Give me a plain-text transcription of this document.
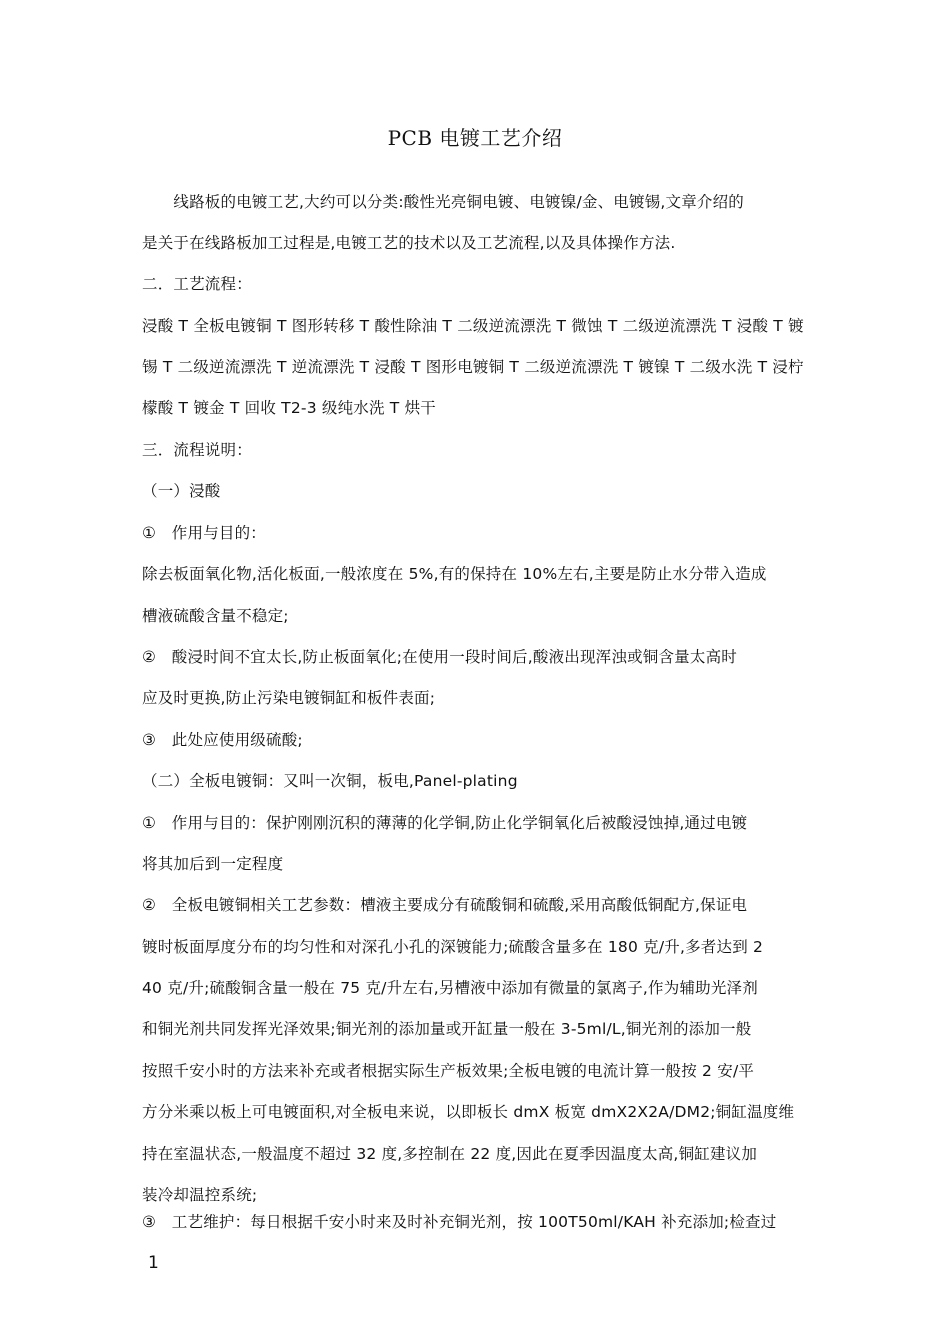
PCB 电镀工艺介绍
　　线路板的电镀工艺,大约可以分类:酸性光亮铜电镀、电镀镍/金、电镀锡,文章介绍的
是关于在线路板加工过程是,电镀工艺的技术以及工艺流程,以及具体操作方法.
二．工艺流程：
浸酸 T 全板电镀铜 T 图形转移 T 酸性除油 T 二级逆流漂洗 T 微蚀 T 二级逆流漂洗 T 浸酸 T 镀
锡 T 二级逆流漂洗 T 逆流漂洗 T 浸酸 T 图形电镀铜 T 二级逆流漂洗 T 镀镍 T 二级水洗 T 浸柠
檬酸 T 镀金 T 回收 T2-3 级纯水洗 T 烘干
三．流程说明：
（一）浸酸
①　作用与目的：
除去板面氧化物,活化板面,一般浓度在 5%,有的保持在 10%左右,主要是防止水分带入造成
槽液硫酸含量不稳定;
②　酸浸时间不宜太长,防止板面氧化;在使用一段时间后,酸液出现浑浊或铜含量太高时
应及时更换,防止污染电镀铜缸和板件表面;
③　此处应使用级硫酸;
（二）全板电镀铜：又叫一次铜，板电,Panel-plating
①　作用与目的：保护刚刚沉积的薄薄的化学铜,防止化学铜氧化后被酸浸蚀掉,通过电镀
将其加后到一定程度
②　全板电镀铜相关工艺参数：槽液主要成分有硫酸铜和硫酸,采用高酸低铜配方,保证电
镀时板面厚度分布的均匀性和对深孔小孔的深镀能力;硫酸含量多在 180 克/升,多者达到 2
40 克/升;硫酸铜含量一般在 75 克/升左右,另槽液中添加有微量的氯离子,作为辅助光泽剂
和铜光剂共同发挥光泽效果;铜光剂的添加量或开缸量一般在 3-5ml/L,铜光剂的添加一般
按照千安小时的方法来补充或者根据实际生产板效果;全板电镀的电流计算一般按 2 安/平
方分米乘以板上可电镀面积,对全板电来说，以即板长 dmX 板宽 dmX2X2A/DM2;铜缸温度维
持在室温状态,一般温度不超过 32 度,多控制在 22 度,因此在夏季因温度太高,铜缸建议加
装冷却温控系统;
③　工艺维护：每日根据千安小时来及时补充铜光剂，按 100T50ml/KAH 补充添加;检查过
1
